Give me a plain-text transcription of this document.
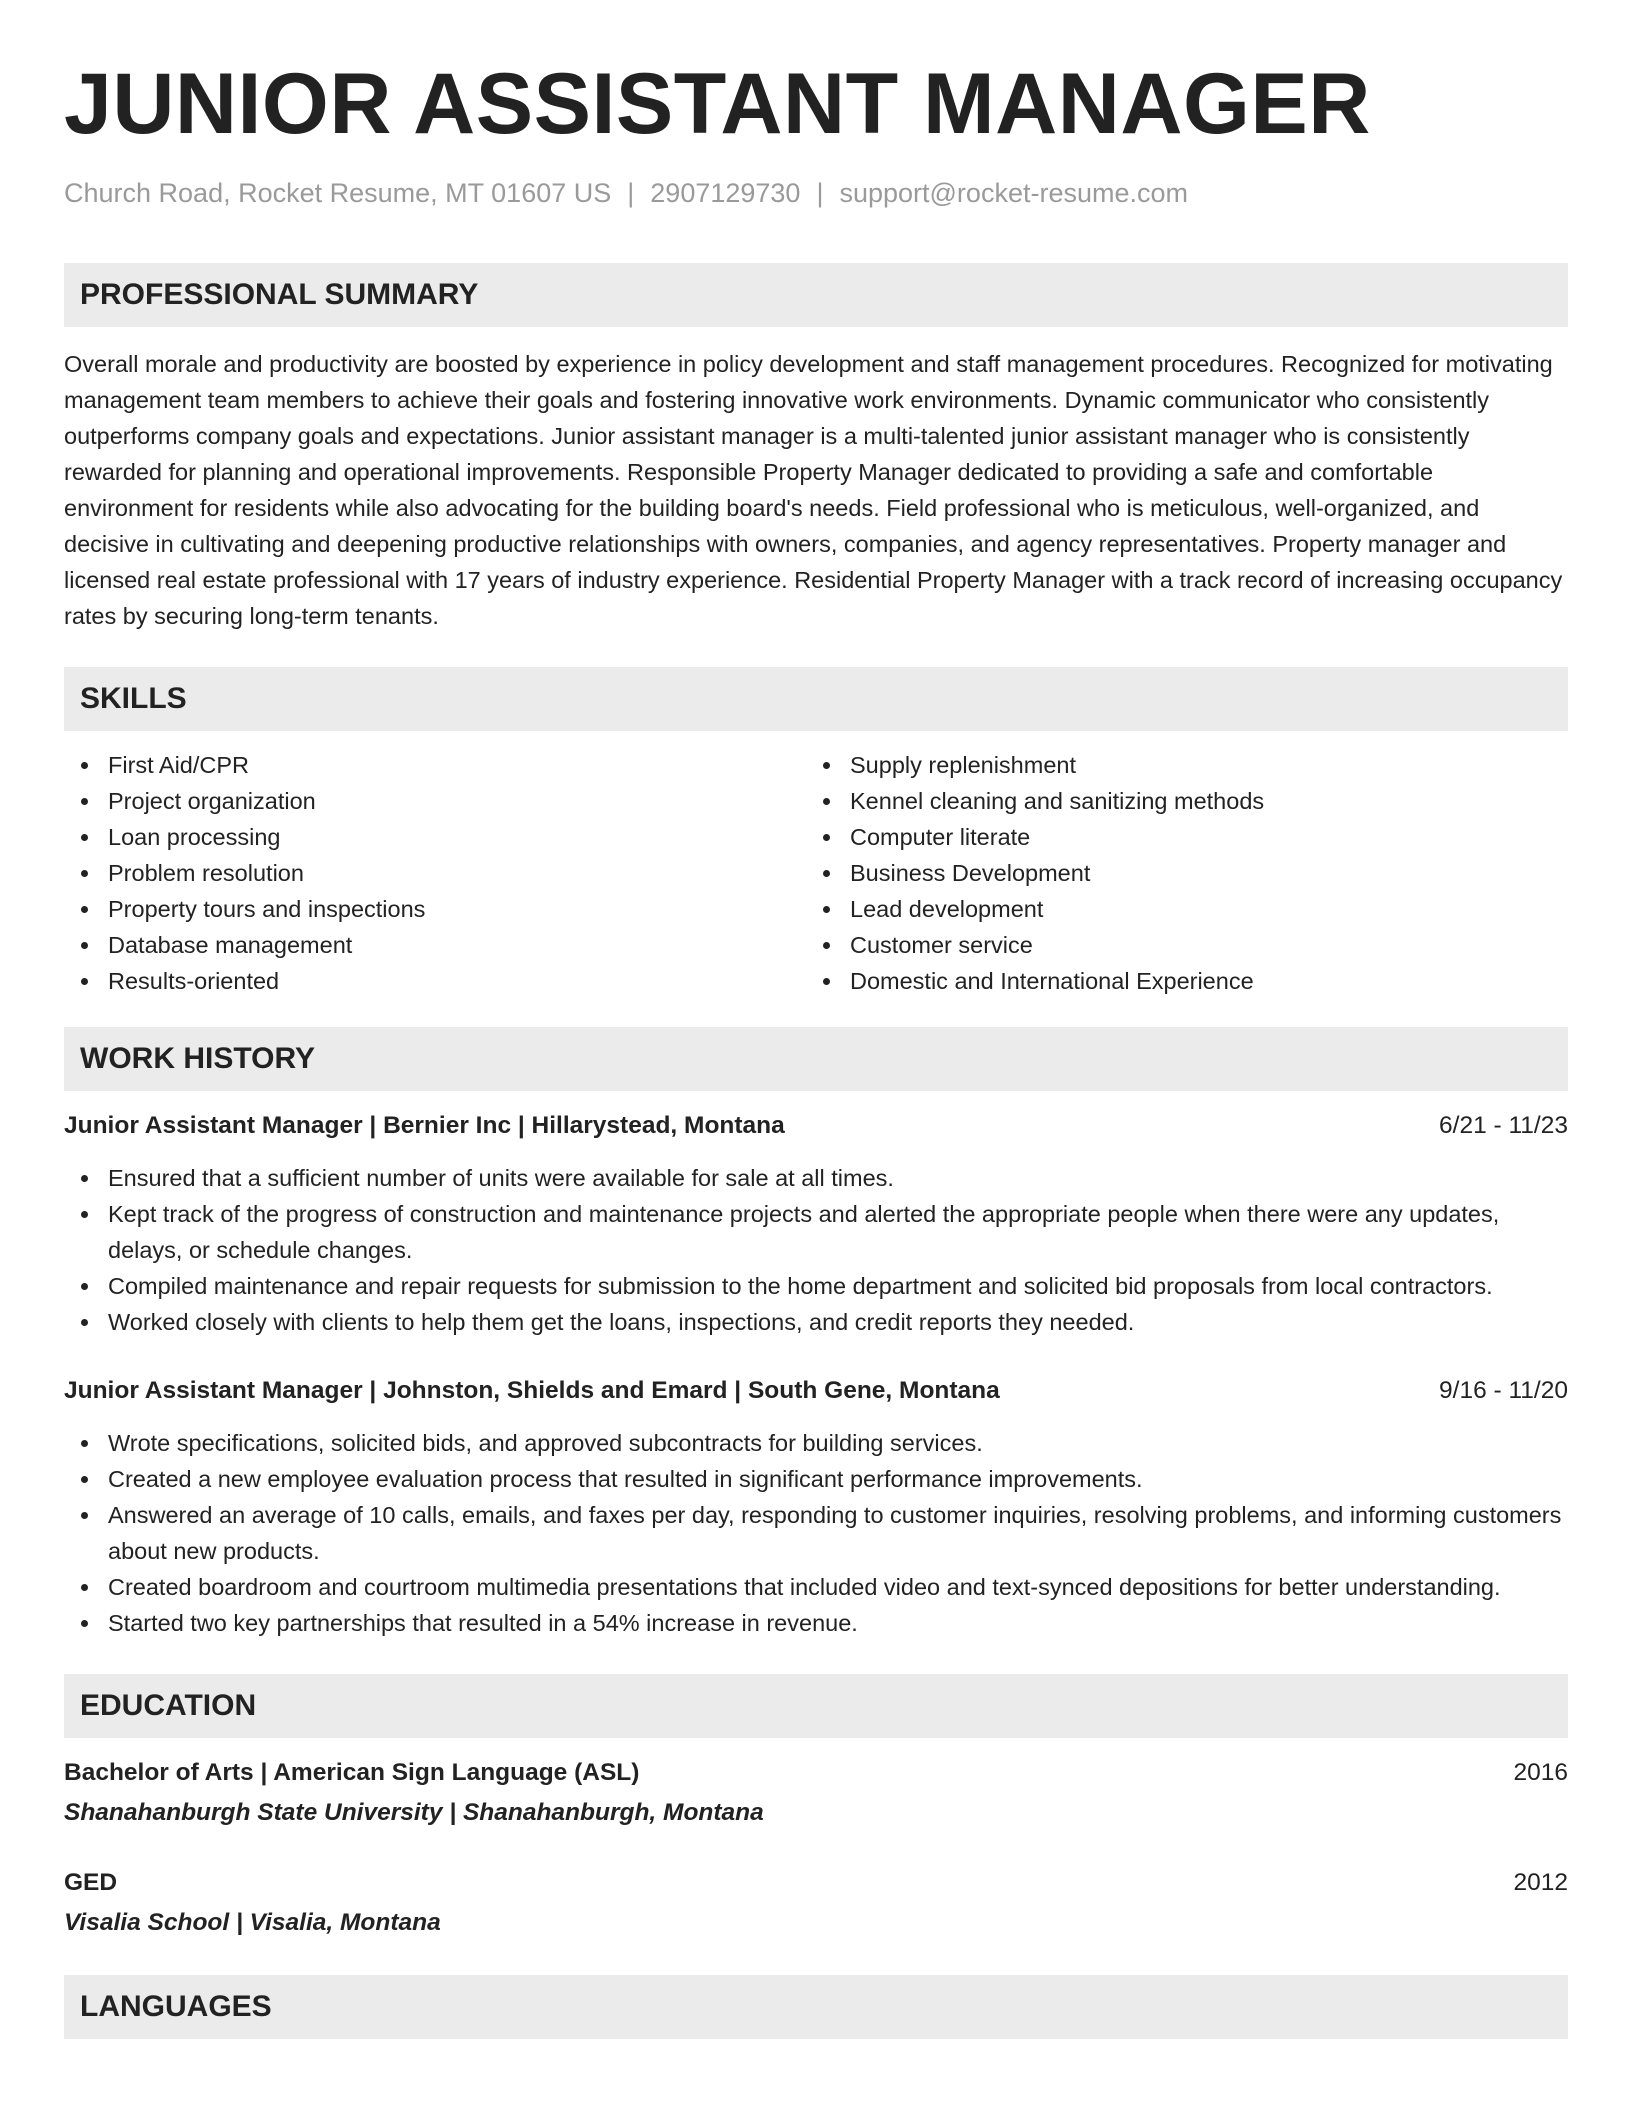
JUNIOR ASSISTANT MANAGER
Church Road, Rocket Resume, MT 01607 US | 2907129730 | support@rocket-resume.com
PROFESSIONAL SUMMARY

Overall morale and productivity are boosted by experience in policy development and staff management procedures. Recognized for motivating management team members to achieve their goals and fostering innovative work environments. Dynamic communicator who consistently outperforms company goals and expectations. Junior assistant manager is a multi-talented junior assistant manager who is consistently rewarded for planning and operational improvements. Responsible Property Manager dedicated to providing a safe and comfortable environment for residents while also advocating for the building board's needs. Field professional who is meticulous, well-organized, and decisive in cultivating and deepening productive relationships with owners, companies, and agency representatives. Property manager and licensed real estate professional with 17 years of industry experience. Residential Property Manager with a track record of increasing occupancy rates by securing long-term tenants.

SKILLS
First Aid/CPR
Project organization
Loan processing
Problem resolution
Property tours and inspections
Database management
Results-oriented
Supply replenishment
Kennel cleaning and sanitizing methods
Computer literate
Business Development
Lead development
Customer service
Domestic and International Experience
WORK HISTORY
Junior Assistant Manager | Bernier Inc | Hillarystead, Montana	6/21 - 11/23
Ensured that a sufficient number of units were available for sale at all times.
Kept track of the progress of construction and maintenance projects and alerted the appropriate people when there were any updates, delays, or schedule changes.
Compiled maintenance and repair requests for submission to the home department and solicited bid proposals from local contractors.
Worked closely with clients to help them get the loans, inspections, and credit reports they needed.
Junior Assistant Manager | Johnston, Shields and Emard | South Gene, Montana	9/16 - 11/20
Wrote specifications, solicited bids, and approved subcontracts for building services.
Created a new employee evaluation process that resulted in significant performance improvements.
Answered an average of 10 calls, emails, and faxes per day, responding to customer inquiries, resolving problems, and informing customers about new products.
Created boardroom and courtroom multimedia presentations that included video and text-synced depositions for better understanding.
Started two key partnerships that resulted in a 54% increase in revenue.
EDUCATION
Bachelor of Arts | American Sign Language (ASL)	2016
Shanahanburgh State University | Shanahanburgh, Montana
GED	2012
Visalia School | Visalia, Montana
LANGUAGES
